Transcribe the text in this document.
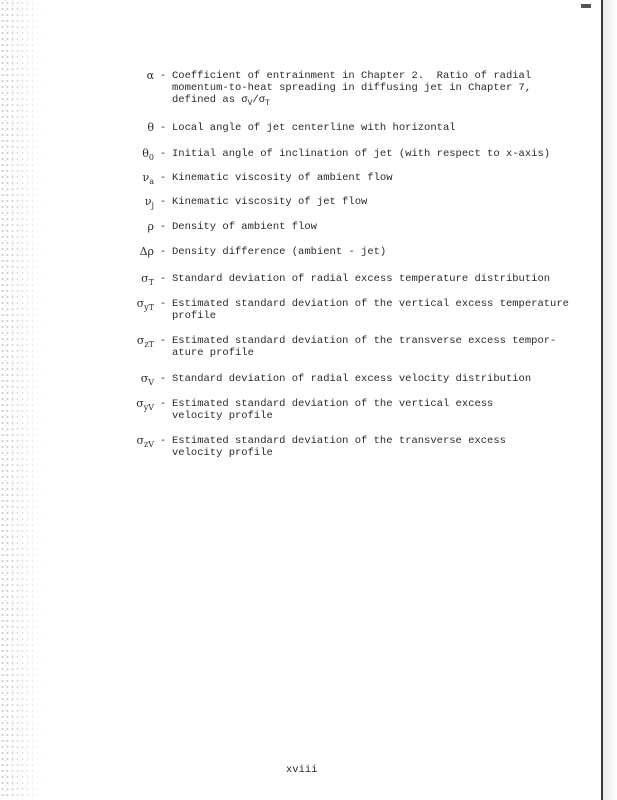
α - Coefficient of entrainment in Chapter 2.  Ratio of radial
momentum-to-heat spreading in diffusing jet in Chapter 7,
defined as $\sigma_V/\sigma_T$
θ - Local angle of jet centerline with horizontal
$\theta_0$ - Initial angle of inclination of jet (with respect to x-axis)
$\nu_a$ - Kinematic viscosity of ambient flow
$\nu_j$ - Kinematic viscosity of jet flow
ρ - Density of ambient flow
Δρ - Density difference (ambient - jet)
$\sigma_T$ - Standard deviation of radial excess temperature distribution
$\sigma_{yT}$ - Estimated standard deviation of the vertical excess temperature
profile
$\sigma_{zT}$ - Estimated standard deviation of the transverse excess tempor-
ature profile
$\sigma_V$ - Standard deviation of radial excess velocity distribution
$\sigma_{yV}$ - Estimated standard deviation of the vertical excess
velocity profile
$\sigma_{zV}$ - Estimated standard deviation of the transverse excess
velocity profile
xviii
